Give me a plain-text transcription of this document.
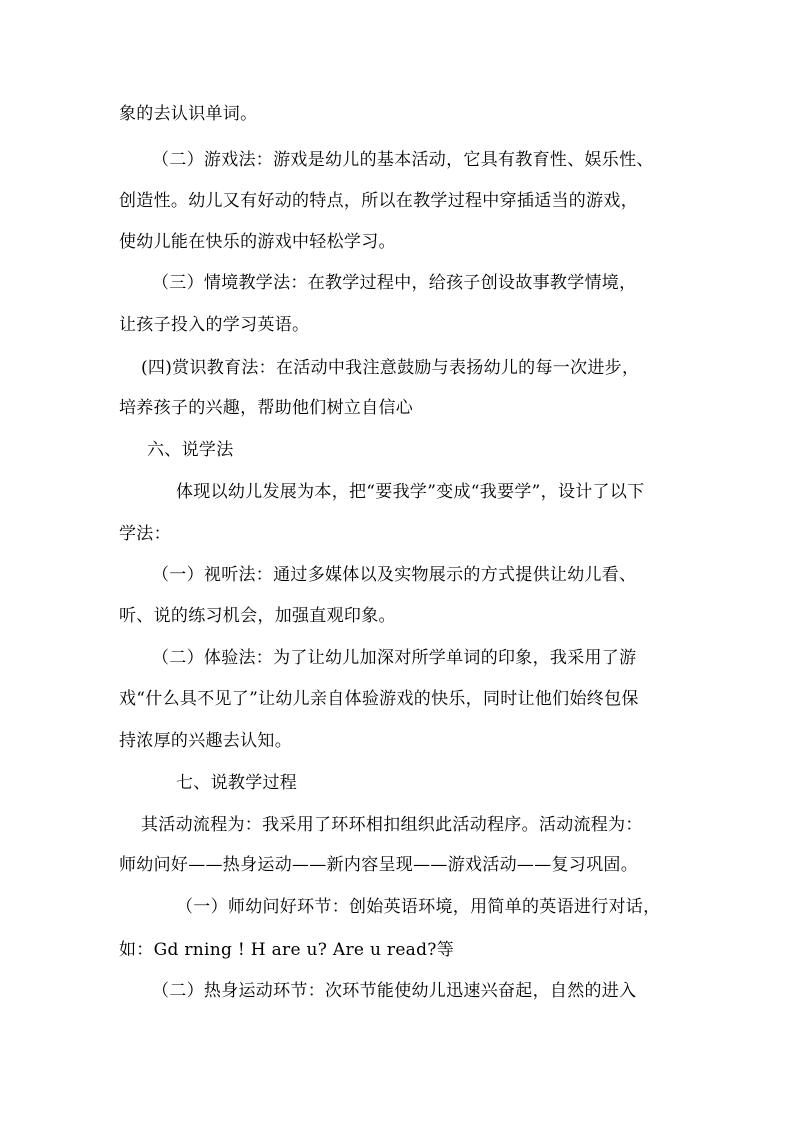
象的去认识单词。
（二）游戏法：游戏是幼儿的基本活动，它具有教育性、娱乐性、
创造性。幼儿又有好动的特点，所以在教学过程中穿插适当的游戏，
使幼儿能在快乐的游戏中轻松学习。
（三）情境教学法：在教学过程中，给孩子创设故事教学情境，
让孩子投入的学习英语。
(四)赏识教育法：在活动中我注意鼓励与表扬幼儿的每一次进步，
培养孩子的兴趣，帮助他们树立自信心
六、说学法
体现以幼儿发展为本，把“要我学”变成“我要学”，设计了以下
学法：
（一）视听法：通过多媒体以及实物展示的方式提供让幼儿看、
听、说的练习机会，加强直观印象。
（二）体验法：为了让幼儿加深对所学单词的印象，我采用了游
戏“什么具不见了”让幼儿亲自体验游戏的快乐，同时让他们始终包保
持浓厚的兴趣去认知。
七、说教学过程
其活动流程为：我采用了环环相扣组织此活动程序。活动流程为：
师幼问好——热身运动——新内容呈现——游戏活动——复习巩固。
（一）师幼问好环节：创始英语环境，用简单的英语进行对话，
如：Gd rning ! H are u? Are u read?等
（二）热身运动环节：次环节能使幼儿迅速兴奋起，自然的进入
